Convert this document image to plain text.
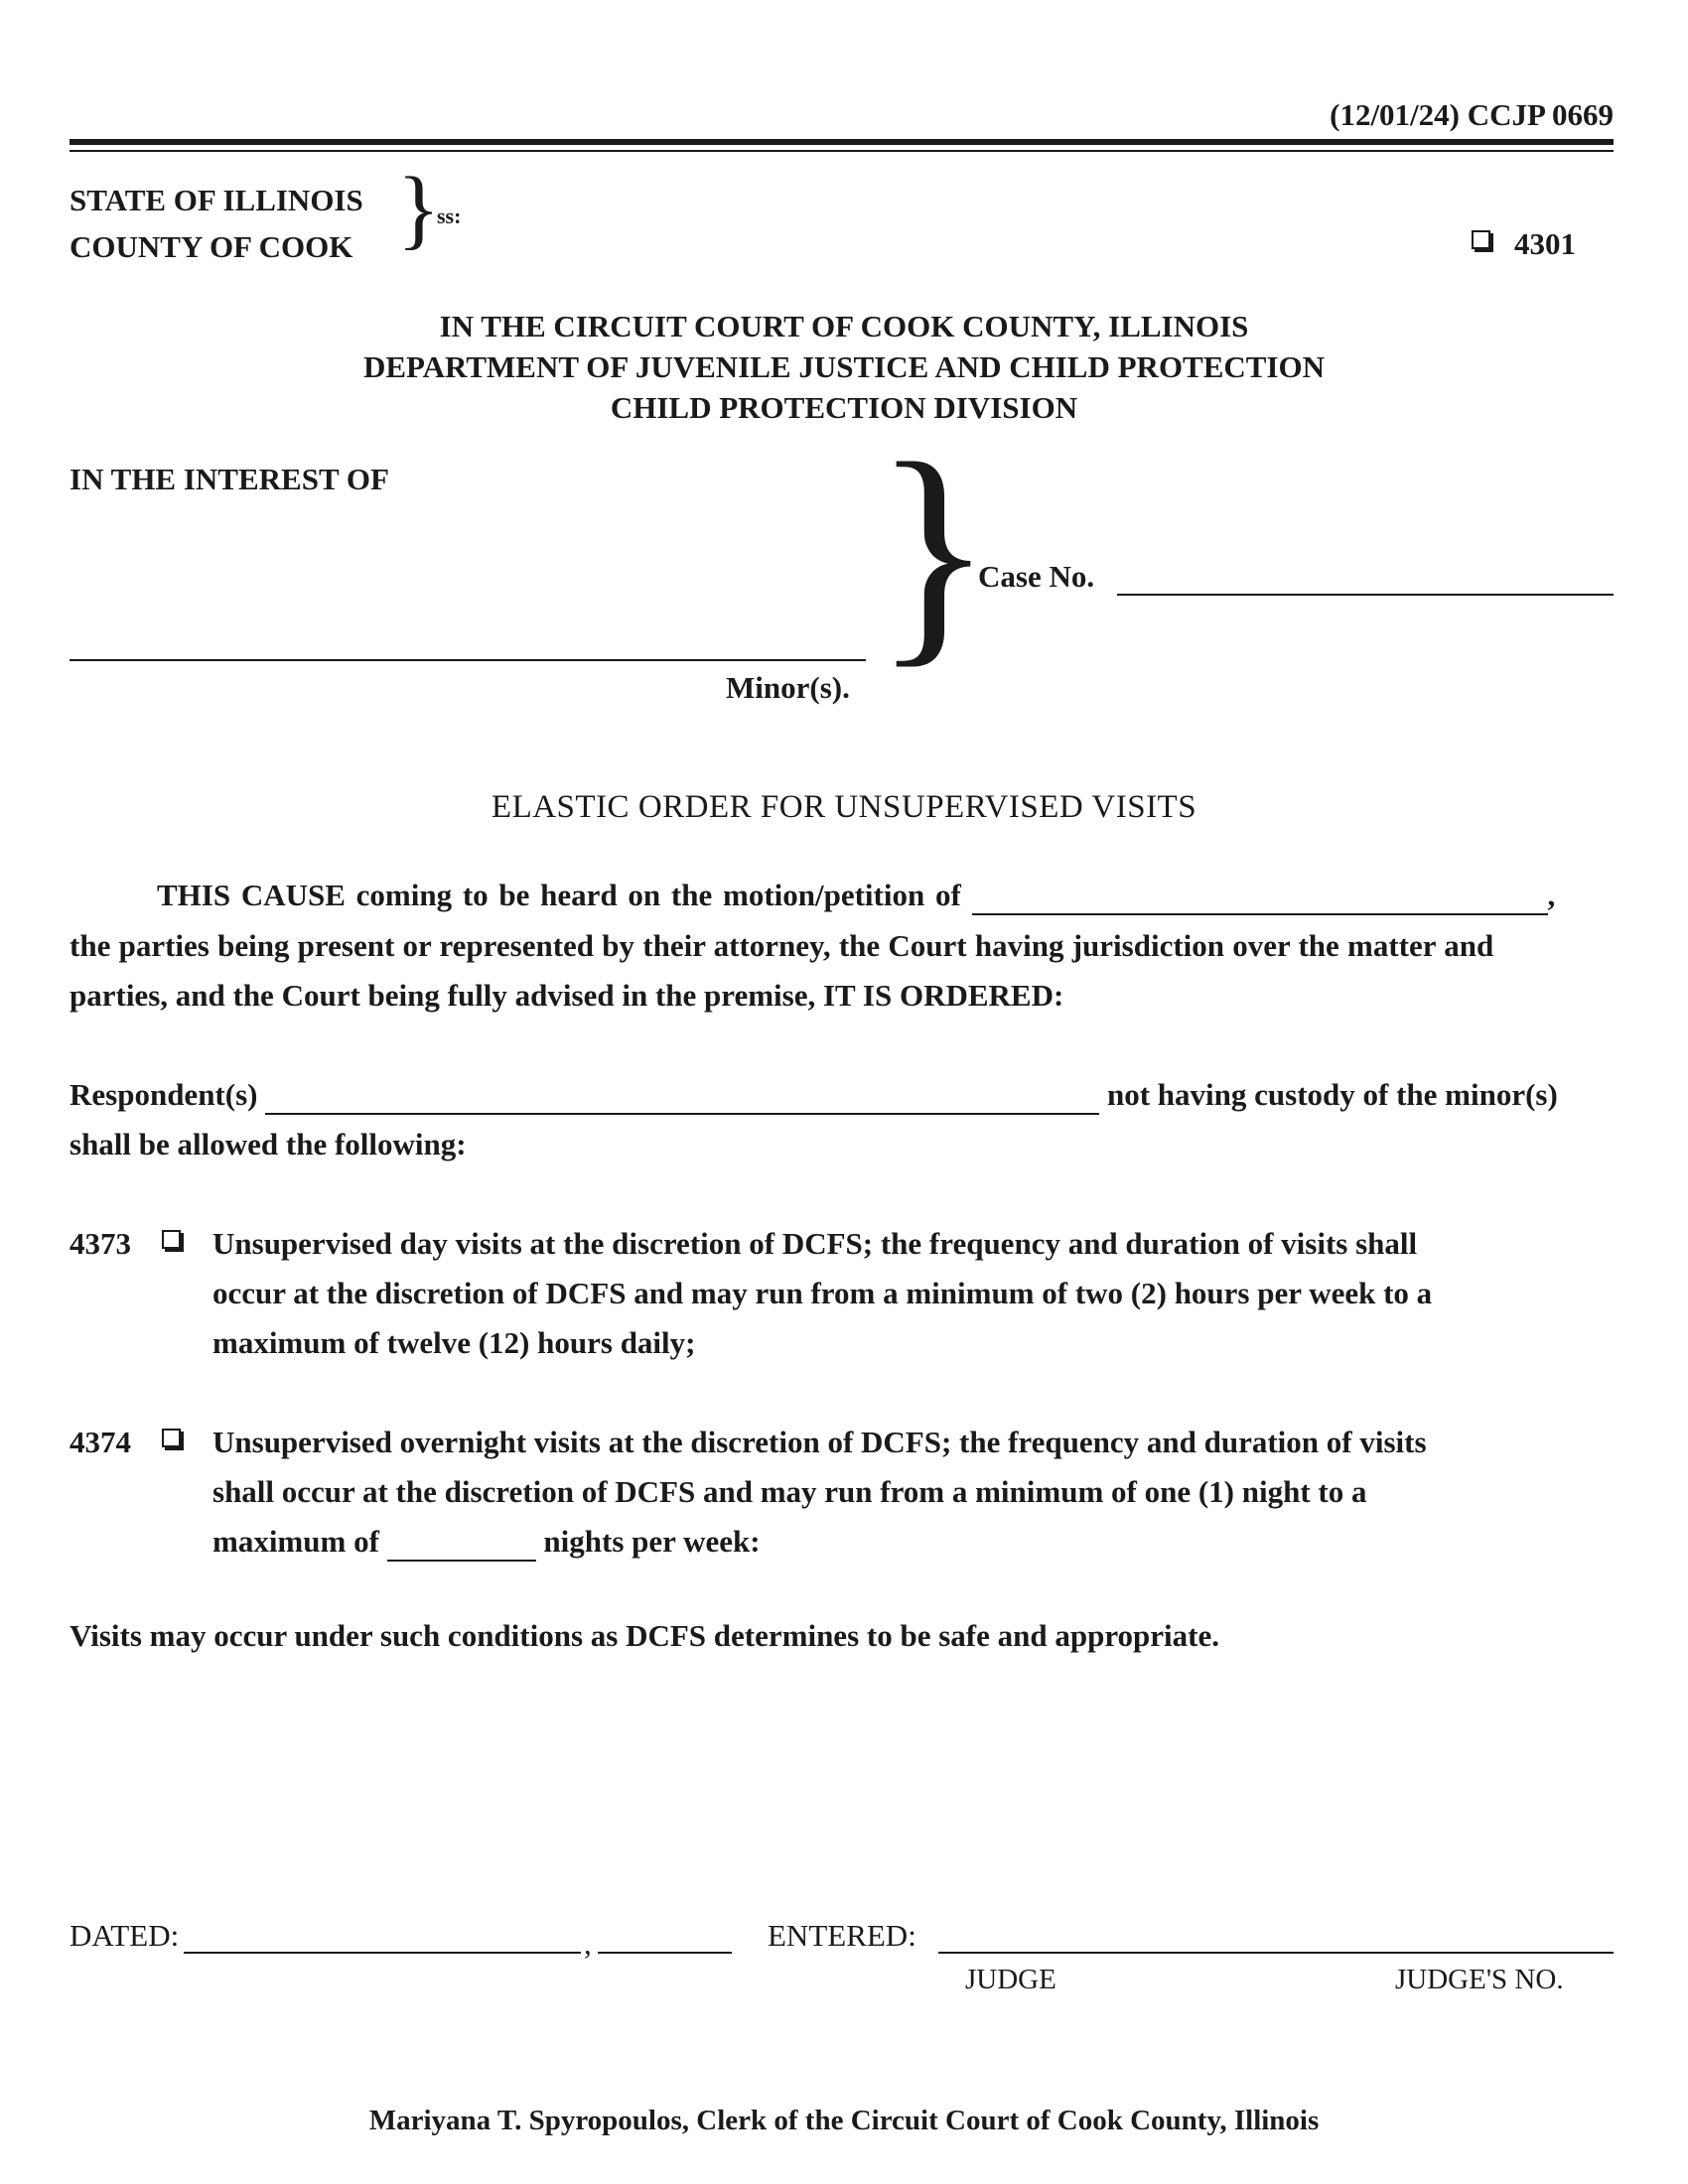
(12/01/24) CCJP 0669
STATE OF ILLINOIS
COUNTY OF COOK }
ss:
4301
IN THE CIRCUIT COURT OF COOK COUNTY, ILLINOIS
DEPARTMENT OF JUVENILE JUSTICE AND CHILD PROTECTION
CHILD PROTECTION DIVISION
IN THE INTEREST OF
Minor(s). }
Case No.
ELASTIC ORDER FOR UNSUPERVISED VISITS
THIS CAUSE coming to be heard on the motion/petition of	,
the parties being present or represented by their attorney, the Court having jurisdiction over the matter and
parties, and the Court being fully advised in the premise, IT IS ORDERED:
Respondent(s)	not having custody of the minor(s)
shall be allowed the following:
4373	Unsupervised day visits at the discretion of DCFS; the frequency and duration of visits shall
occur at the discretion of DCFS and may run from a minimum of two (2) hours per week to a
maximum of twelve (12) hours daily;
4374	Unsupervised overnight visits at the discretion of DCFS; the frequency and duration of visits
shall occur at the discretion of DCFS and may run from a minimum of one (1) night to a
maximum of	nights per week:
Visits may occur under such conditions as DCFS determines to be safe and appropriate.
DATED:	,	ENTERED:
JUDGE	JUDGE'S NO.
Mariyana T. Spyropoulos, Clerk of the Circuit Court of Cook County, Illinois
